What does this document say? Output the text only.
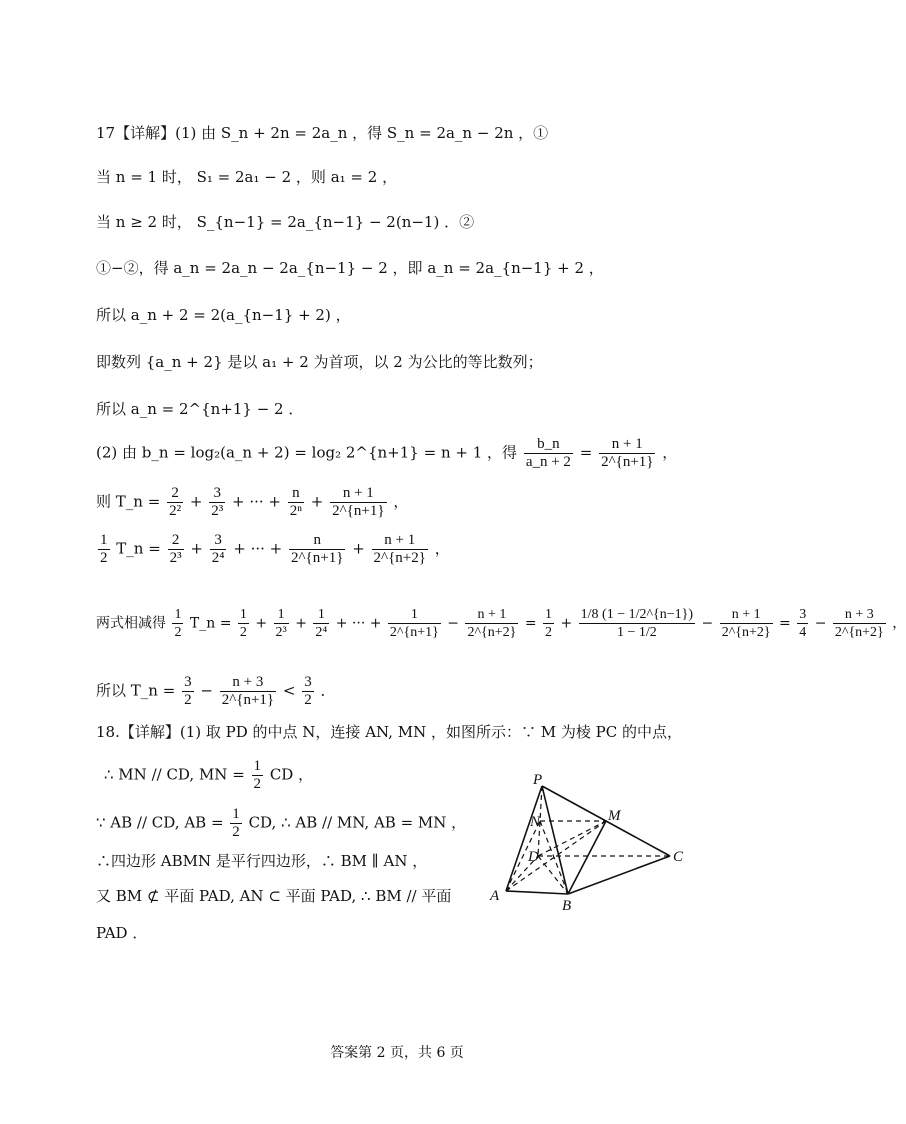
17【详解】(1) 由 S_n + 2n = 2a_n ，得 S_n = 2a_n − 2n ，①
当 n = 1 时， S₁ = 2a₁ − 2 ，则 a₁ = 2 ，
当 n ≥ 2 时， S_{n−1} = 2a_{n−1} − 2(n−1) ．②
①−②，得 a_n = 2a_n − 2a_{n−1} − 2 ，即 a_n = 2a_{n−1} + 2 ，
所以 a_n + 2 = 2(a_{n−1} + 2) ，
即数列 {a_n + 2} 是以 a₁ + 2 为首项，以 2 为公比的等比数列；
所以 a_n = 2^{n+1} − 2 ．
(2) 由 b_n = log₂(a_n + 2) = log₂ 2^{n+1} = n + 1 ，得 $\frac{b\_n}{a\_n + 2} = \frac{n + 1}{2\^{}\{n+1\}}$ ，
则 T_n = $\frac{2}{\text{2²}} + \frac{3}{\text{2³}}$ + ··· + $\frac{n}{\text{2ⁿ}} + \frac{n + 1}{2\^{}\{n+1\}}$ ，
$\frac{1}{2}$ T_n = $\frac{2}{\text{2³}} + \frac{3}{\text{2⁴}}$ + ··· + $\frac{n}{2\^{}\{n+1\}} + \frac{n + 1}{2\^{}\{n+2\}}$ ，
两式相减得 $\frac{1}{2}$ T_n = $\frac{1}{2} + \frac{1}{\text{2³}} + \frac{1}{\text{2⁴}}$ + ··· + $\frac{1}{2\^{}\{n+1\}} - \frac{n + 1}{2\^{}\{n+2\}} = \frac{1}{2} + \frac{1/8 (1 - 1/2\^{}\{n-1\})}{1 - 1/2} - \frac{n + 1}{2\^{}\{n+2\}} = \frac{3}{4} - \frac{n + 3}{2\^{}\{n+2\}}$ ，
所以 T_n = $\frac{3}{2} - \frac{n + 3}{2\^{}\{n+1\}} < \frac{3}{2}$ ．
18.【详解】(1) 取 PD 的中点 N，连接 AN, MN ，如图所示：∵ M 为棱 PC 的中点，
∴ MN // CD, MN = $\frac{1}{2}$ CD ，
∵ AB // CD, AB = $\frac{1}{2}$ CD, ∴ AB // MN, AB = MN ，
∴四边形 ABMN 是平行四边形，∴ BM ∥ AN ，
又 BM ⊄ 平面 PAD, AN ⊂ 平面 PAD, ∴ BM // 平面
PAD ．
P
M
N
D	C
A
B
答案第 2 页，共 6 页
